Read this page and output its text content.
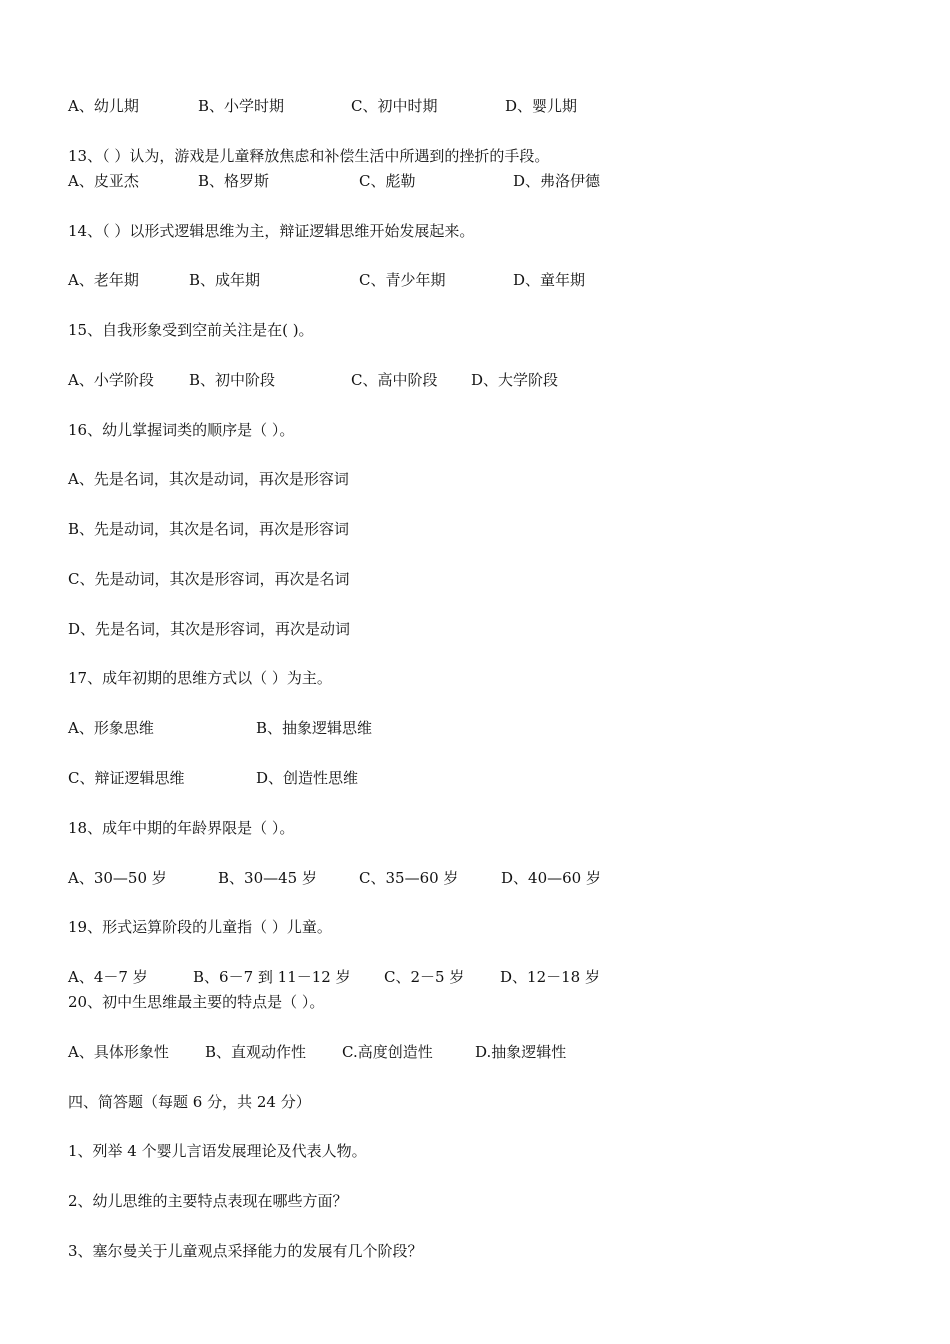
A、幼儿期	B、小学时期	C、初中时期	D、婴儿期
13、（ ）认为，游戏是儿童释放焦虑和补偿生活中所遇到的挫折的手段。
A、皮亚杰	B、格罗斯	C、彪勒	D、弗洛伊德
14、（ ）以形式逻辑思维为主，辩证逻辑思维开始发展起来。
A、老年期	B、成年期	C、青少年期	D、童年期
15、自我形象受到空前关注是在( )。
A、小学阶段 B、初中阶段	C、高中阶段 D、大学阶段
16、幼儿掌握词类的顺序是（ ）。
A、先是名词，其次是动词，再次是形容词
B、先是动词，其次是名词，再次是形容词
C、先是动词，其次是形容词，再次是名词
D、先是名词，其次是形容词，再次是动词
17、成年初期的思维方式以（ ）为主。
A、形象思维	B、抽象逻辑思维
C、辩证逻辑思维	D、创造性思维
18、成年中期的年龄界限是（ ）。
A、30—50 岁	B、30—45 岁	C、35—60 岁	D、40—60 岁
19、形式运算阶段的儿童指（ ）儿童。
A、4－7 岁	B、6－7 到 11－12 岁 C、2－5 岁 D、12－18 岁
20、初中生思维最主要的特点是（ ）。
A、具体形象性 B、直观动作性 C.高度创造性	D.抽象逻辑性
四、简答题（每题 6 分，共 24 分）
1、列举 4 个婴儿言语发展理论及代表人物。
2、幼儿思维的主要特点表现在哪些方面？
3、塞尔曼关于儿童观点采择能力的发展有几个阶段？
